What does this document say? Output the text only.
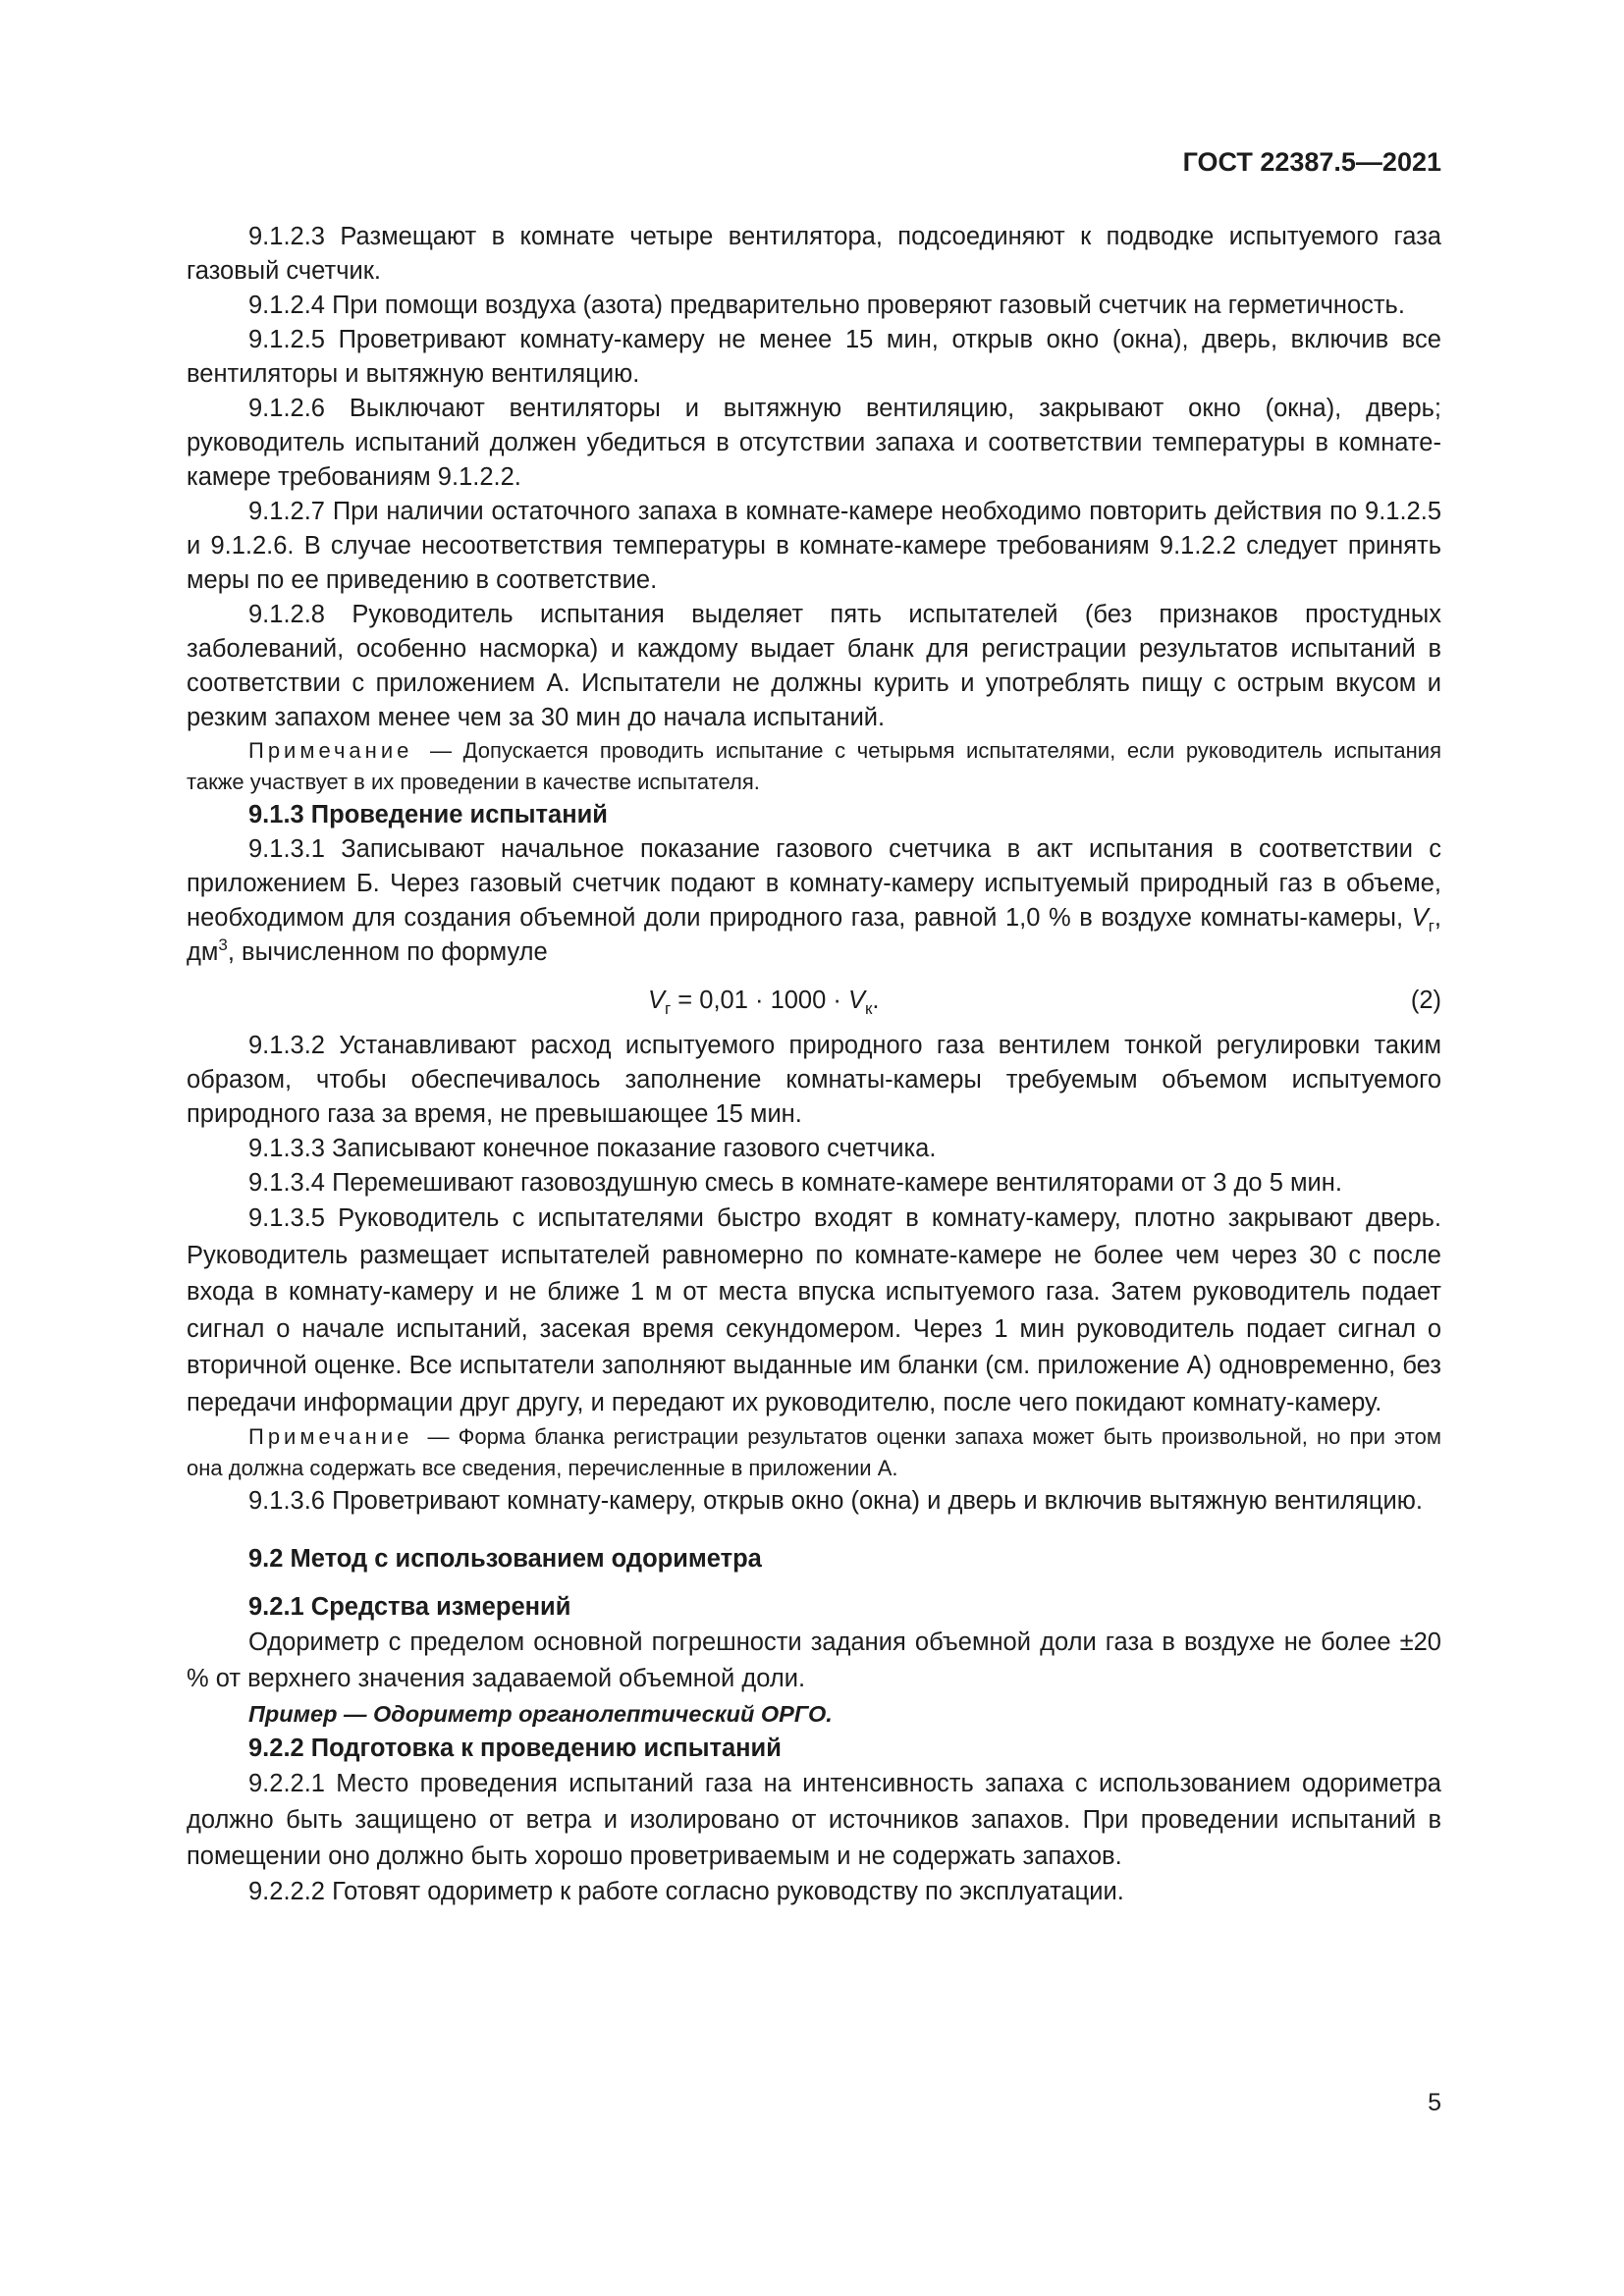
ГОСТ 22387.5—2021

9.1.2.3 Размещают в комнате четыре вентилятора, подсоединяют к подводке испытуемого газа газовый счетчик.

9.1.2.4 При помощи воздуха (азота) предварительно проверяют газовый счетчик на герметичность.

9.1.2.5 Проветривают комнату-камеру не менее 15 мин, открыв окно (окна), дверь, включив все вентиляторы и вытяжную вентиляцию.

9.1.2.6 Выключают вентиляторы и вытяжную вентиляцию, закрывают окно (окна), дверь; руководитель испытаний должен убедиться в отсутствии запаха и соответствии температуры в комнате-камере требованиям 9.1.2.2.

9.1.2.7 При наличии остаточного запаха в комнате-камере необходимо повторить действия по 9.1.2.5 и 9.1.2.6. В случае несоответствия температуры в комнате-камере требованиям 9.1.2.2 следует принять меры по ее приведению в соответствие.

9.1.2.8 Руководитель испытания выделяет пять испытателей (без признаков простудных заболеваний, особенно насморка) и каждому выдает бланк для регистрации результатов испытаний в соответствии с приложением А. Испытатели не должны курить и употреблять пищу с острым вкусом и резким запахом менее чем за 30 мин до начала испытаний.

Примечание — Допускается проводить испытание с четырьмя испытателями, если руководитель испытания также участвует в их проведении в качестве испытателя.

9.1.3 Проведение испытаний

9.1.3.1 Записывают начальное показание газового счетчика в акт испытания в соответствии с приложением Б. Через газовый счетчик подают в комнату-камеру испытуемый природный газ в объеме, необходимом для создания объемной доли природного газа, равной 1,0 % в воздухе комнаты-камеры, $V_г$, $дм^3$, вычисленном по формуле

$V_г = 0,01 \cdot 1000 \cdot V_к$.	(2)

9.1.3.2 Устанавливают расход испытуемого природного газа вентилем тонкой регулировки таким образом, чтобы обеспечивалось заполнение комнаты-камеры требуемым объемом испытуемого природного газа за время, не превышающее 15 мин.

9.1.3.3 Записывают конечное показание газового счетчика.

9.1.3.4 Перемешивают газовоздушную смесь в комнате-камере вентиляторами от 3 до 5 мин.

9.1.3.5 Руководитель с испытателями быстро входят в комнату-камеру, плотно закрывают дверь. Руководитель размещает испытателей равномерно по комнате-камере не более чем через 30 с после входа в комнату-камеру и не ближе 1 м от места впуска испытуемого газа. Затем руководитель подает сигнал о начале испытаний, засекая время секундомером. Через 1 мин руководитель подает сигнал о вторичной оценке. Все испытатели заполняют выданные им бланки (см. приложение А) одновременно, без передачи информации друг другу, и передают их руководителю, после чего покидают комнату-камеру.

Примечание — Форма бланка регистрации результатов оценки запаха может быть произвольной, но при этом она должна содержать все сведения, перечисленные в приложении А.

9.1.3.6 Проветривают комнату-камеру, открыв окно (окна) и дверь и включив вытяжную вентиляцию.

9.2 Метод с использованием одориметра

9.2.1 Средства измерений

Одориметр с пределом основной погрешности задания объемной доли газа в воздухе не более ±20 % от верхнего значения задаваемой объемной доли.

Пример — Одориметр органолептический ОРГО.

9.2.2 Подготовка к проведению испытаний

9.2.2.1 Место проведения испытаний газа на интенсивность запаха с использованием одориметра должно быть защищено от ветра и изолировано от источников запахов. При проведении испытаний в помещении оно должно быть хорошо проветриваемым и не содержать запахов.

9.2.2.2 Готовят одориметр к работе согласно руководству по эксплуатации.

5
